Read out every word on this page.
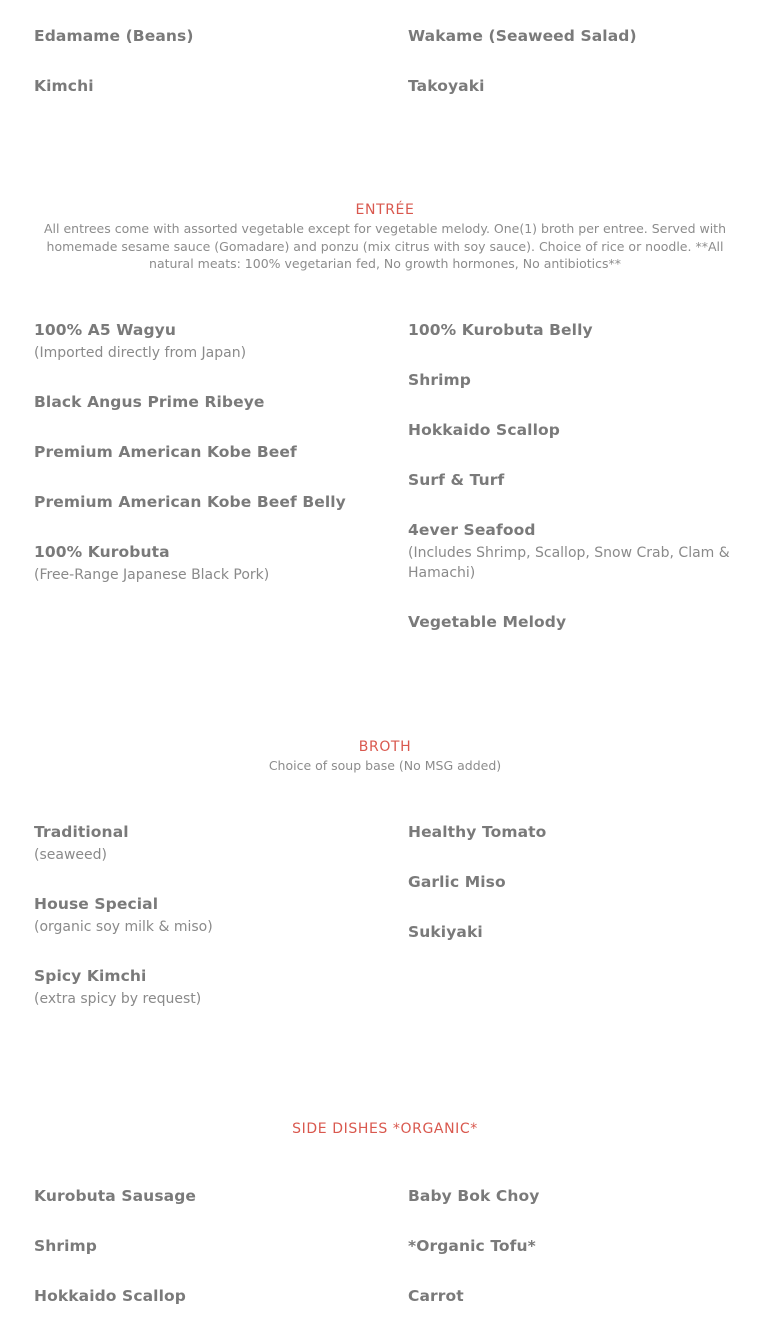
Edamame (Beans)
Kimchi
Wakame (Seaweed Salad)
Takoyaki
ENTRÉE
All entrees come with assorted vegetable except for vegetable melody. One(1) broth per entree. Served with homemade sesame sauce (Gomadare) and ponzu (mix citrus with soy sauce). Choice of rice or noodle. **All natural meats: 100% vegetarian fed, No growth hormones, No antibiotics**
100% A5 Wagyu
(Imported directly from Japan)
Black Angus Prime Ribeye
Premium American Kobe Beef
Premium American Kobe Beef Belly
100% Kurobuta
(Free-Range Japanese Black Pork)
100% Kurobuta Belly
Shrimp
Hokkaido Scallop
Surf & Turf
4ever Seafood
(Includes Shrimp, Scallop, Snow Crab, Clam & Hamachi)
Vegetable Melody
BROTH
Choice of soup base (No MSG added)
Traditional
(seaweed)
House Special
(organic soy milk & miso)
Spicy Kimchi
(extra spicy by request)
Healthy Tomato
Garlic Miso
Sukiyaki
SIDE DISHES *ORGANIC*
Kurobuta Sausage
Shrimp
Hokkaido Scallop
Baby Bok Choy
*Organic Tofu*
Carrot
